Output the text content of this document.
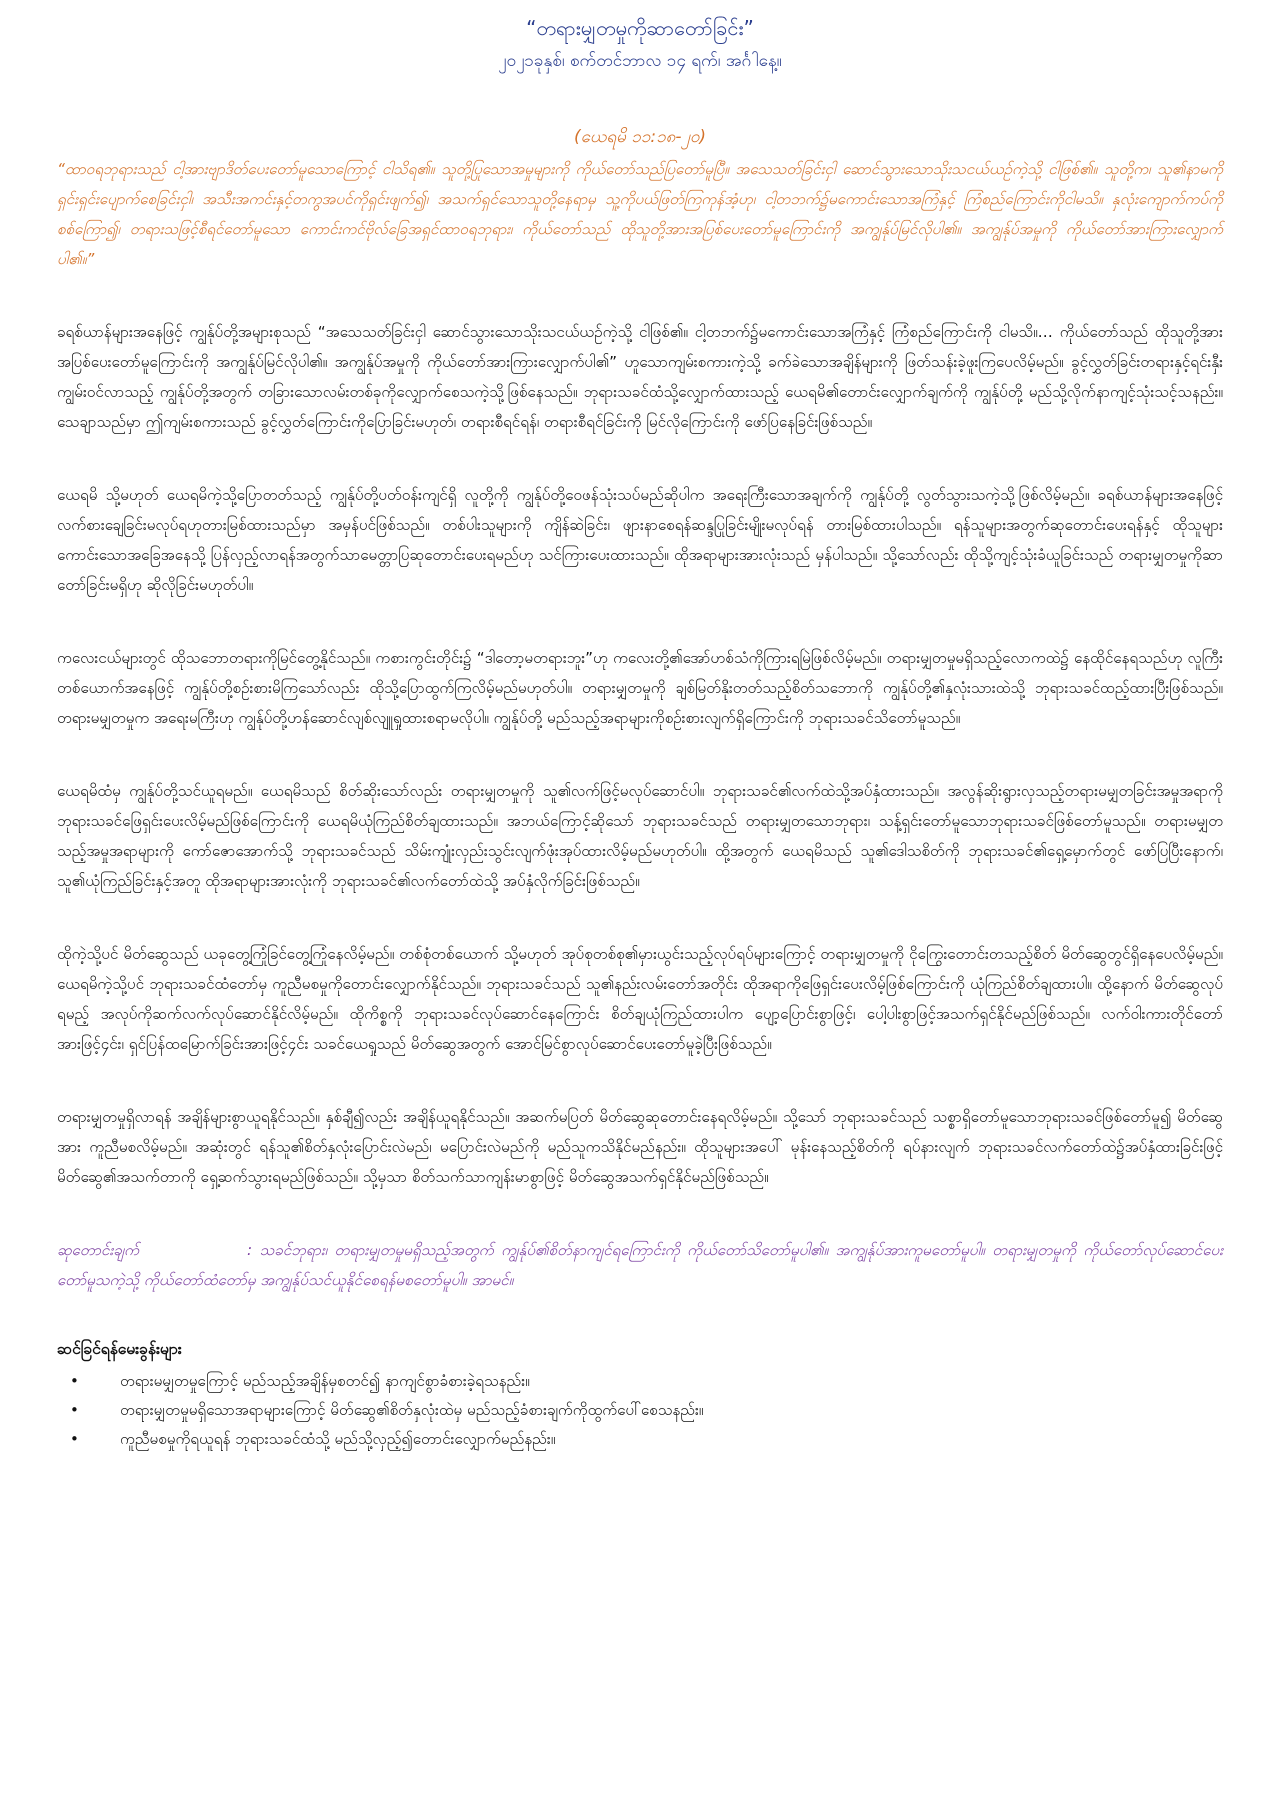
“တရားမျှတမှုကိုဆာတော်ခြင်း”
၂၀၂၁ခုနှစ်၊ စက်တင်ဘာလ ၁၄ ရက်၊ အင်္ဂါနေ့။
(ယေရမိ ၁၁:၁၈-၂၀)

“ထာဝရဘုရားသည် ငါ့အားဗျာဒိတ်ပေးတော်မူသောကြောင့် ငါသိရ၏။ သူတို့ပြုသောအမှုများကို ကိုယ်တော်သည်ပြတော်မူပြီ။ အသေသတ်ခြင်းငှါ ဆောင်သွားသောသိုးသငယ်ယဉ်ကဲ့သို့ ငါဖြစ်၏။ သူတို့က၊ သူ၏နာမကိုရှင်းရှင်းပျောက်စေခြင်းငှါ၊ အသီးအကင်းနှင့်တကွအပင်ကိုရှင်းဖျက်၍၊ အသက်ရှင်သောသူတို့နေရာမှ သူ့ကိုပယ်ဖြတ်ကြကုန်အံ့ဟု၊ ငါ့တဘက်၌မကောင်းသောအကြံနှင့် ကြံစည်ကြောင်းကိုငါမသိ။ နှလုံးကျောက်ကပ်ကိုစစ်ကြော၍၊ တရားသဖြင့်စီရင်တော်မူသော ကောင်းကင်ဗိုလ်ခြေအရှင်ထာဝရဘုရား၊ ကိုယ်တော်သည် ထိုသူတို့အားအပြစ်ပေးတော်မူကြောင်းကို အကျွန်ုပ်မြင်လိုပါ၏။ အကျွန်ုပ်အမှုကို ကိုယ်တော်အားကြားလျှောက်ပါ၏။”

ခရစ်ယာန်များအနေဖြင့် ကျွန်ုပ်တို့အများစုသည် “အသေသတ်ခြင်းငှါ ဆောင်သွားသောသိုးသငယ်ယဉ်ကဲ့သို့ ငါဖြစ်၏။ ငါ့တဘက်၌မကောင်းသောအကြံနှင့် ကြံစည်ကြောင်းကို ငါမသိ။… ကိုယ်တော်သည် ထိုသူတို့အားအပြစ်ပေးတော်မူကြောင်းကို အကျွန်ုပ်မြင်လိုပါ၏။ အကျွန်ုပ်အမှုကို ကိုယ်တော်အားကြားလျှောက်ပါ၏” ဟူသောကျမ်းစကားကဲ့သို့ ခက်ခဲသောအချိန်များကို ဖြတ်သန်းခဲ့ဖူးကြပေလိမ့်မည်။ ခွင့်လွှတ်ခြင်းတရားနှင့်ရင်းနှီးကျွမ်းဝင်လာသည့် ကျွန်ုပ်တို့အတွက် တခြားသောလမ်းတစ်ခုကိုလျှောက်စေသကဲ့သို့ဖြစ်နေသည်။ ဘုရားသခင်ထံသို့လျှောက်ထားသည့် ယေရမိ၏တောင်းလျှောက်ချက်ကို ကျွန်ုပ်တို့ မည်သို့လိုက်နာကျင့်သုံးသင့်သနည်း။ သေချာသည်မှာ ဤကျမ်းစကားသည် ခွင့်လွှတ်ကြောင်းကိုပြောခြင်းမဟုတ်၊ တရားစီရင်ရန်၊ တရားစီရင်ခြင်းကို မြင်လိုကြောင်းကို ဖော်ပြနေခြင်းဖြစ်သည်။

ယေရမိ သို့မဟုတ် ယေရမိကဲ့သို့ပြောတတ်သည့် ကျွန်ုပ်တို့ပတ်ဝန်းကျင်ရှိ လူတို့ကို ကျွန်ုပ်တို့ဝေဖန်သုံးသပ်မည်ဆိုပါက အရေးကြီးသောအချက်ကို ကျွန်ုပ်တို့ လွတ်သွားသကဲ့သို့ဖြစ်လိမ့်မည်။ ခရစ်ယာန်များအနေဖြင့် လက်စားချေခြင်းမလုပ်ရဟုတားမြစ်ထားသည်မှာ အမှန်ပင်ဖြစ်သည်။ တစ်ပါးသူများကို ကျိန်ဆဲခြင်း၊ ဖျားနာစေရန်ဆန္ဒပြုခြင်းမျိုးမလုပ်ရန် တားမြစ်ထားပါသည်။ ရန်သူများအတွက်ဆုတောင်းပေးရန်နှင့် ထိုသူများကောင်းသောအခြေအနေသို့ ပြန်လှည့်လာရန်အတွက်သာမေတ္တာပြဆုတောင်းပေးရမည်ဟု သင်ကြားပေးထားသည်။ ထိုအရာများအားလုံးသည် မှန်ပါသည်။ သို့သော်လည်း ထိုသို့ကျင့်သုံးခံယူခြင်းသည် တရားမျှတမှုကိုဆာတော်ခြင်းမရှိဟု ဆိုလိုခြင်းမဟုတ်ပါ။

ကလေးငယ်များတွင် ထိုသဘောတရားကိုမြင်တွေ့နိုင်သည်။ ကစားကွင်းတိုင်း၌ “ဒါတော့မတရားဘူး”ဟု ကလေးတို့၏အော်ဟစ်သံကိုကြားရမြဲဖြစ်လိမ့်မည်။ တရားမျှတမှုမရှိသည့်လောကထဲ၌ နေထိုင်နေရသည်ဟု လူကြီးတစ်ယောက်အနေဖြင့် ကျွန်ုပ်တို့စဉ်းစားမိကြသော်လည်း ထိုသို့ပြောထွက်ကြလိမ့်မည်မဟုတ်ပါ။ တရားမျှတမှုကို ချစ်မြတ်နိုးတတ်သည့်စိတ်သဘောကို ကျွန်ုပ်တို့၏နှလုံးသားထဲသို့ ဘုရားသခင်ထည့်ထားပြီးဖြစ်သည်။ တရားမမျှတမှုက အရေးမကြီးဟု ကျွန်ုပ်တို့ဟန်ဆောင်လျစ်လျူရှုထားစရာမလိုပါ။ ကျွန်ုပ်တို့ မည်သည့်အရာများကိုစဉ်းစားလျက်ရှိကြောင်းကို ဘုရားသခင်သိတော်မူသည်။

ယေရမိထံမှ ကျွန်ုပ်တို့သင်ယူရမည်။ ယေရမိသည် စိတ်ဆိုးသော်လည်း တရားမျှတမှုကို သူ၏လက်ဖြင့်မလုပ်ဆောင်ပါ။ ဘုရားသခင်၏လက်ထဲသို့အပ်နှံထားသည်။ အလွန်ဆိုးရွားလှသည့်တရားမမျှတခြင်းအမှုအရာကို ဘုရားသခင်ဖြေရှင်းပေးလိမ့်မည်ဖြစ်ကြောင်းကို ယေရမိယုံကြည်စိတ်ချထားသည်။ အဘယ်ကြောင့်ဆိုသော် ဘုရားသခင်သည် တရားမျှတသောဘုရား၊ သန့်ရှင်းတော်မူသောဘုရားသခင်ဖြစ်တော်မူသည်။ တရားမမျှတသည့်အမှုအရာများကို ကော်ဇောအောက်သို့ ဘုရားသခင်သည် သိမ်းကျုံးလှည်းသွင်းလျက်ဖုံးအုပ်ထားလိမ့်မည်မဟုတ်ပါ။ ထို့အတွက် ယေရမိသည် သူ၏ဒေါသစိတ်ကို ဘုရားသခင်၏ရှေ့မှောက်တွင် ဖော်ပြပြီးနောက်၊ သူ၏ယုံကြည်ခြင်းနှင့်အတူ ထိုအရာများအားလုံးကို ဘုရားသခင်၏လက်တော်ထဲသို့ အပ်နှံလိုက်ခြင်းဖြစ်သည်။

ထိုကဲ့သို့ပင် မိတ်ဆွေသည် ယခုတွေ့ကြုံခြင်တွေ့ကြုံနေလိမ့်မည်။ တစ်စုံတစ်ယောက် သို့မဟုတ် အုပ်စုတစ်စု၏မှားယွင်းသည့်လုပ်ရပ်များကြောင့် တရားမျှတမှုကို ငိုကြွေးတောင်းတသည့်စိတ် မိတ်ဆွေတွင်ရှိနေပေလိမ့်မည်။ ယေရမိကဲ့သို့ပင် ဘုရားသခင်ထံတော်မှ ကူညီမစမှုကိုတောင်းလျှောက်နိုင်သည်။ ဘုရားသခင်သည် သူ၏နည်းလမ်းတော်အတိုင်း ထိုအရာကိုဖြေရှင်းပေးလိမ့်ဖြစ်ကြောင်းကို ယုံကြည်စိတ်ချထားပါ။ ထို့နောက် မိတ်ဆွေလုပ်ရမည့် အလုပ်ကိုဆက်လက်လုပ်ဆောင်နိုင်လိမ့်မည်။ ထိုကိစ္စကို ဘုရားသခင်လုပ်ဆောင်နေကြောင်း စိတ်ချယုံကြည်ထားပါက ပျော့ပြောင်းစွာဖြင့်၊ ပေါ့ပါးစွာဖြင့်အသက်ရှင်နိုင်မည်ဖြစ်သည်။ လက်ဝါးကားတိုင်တော်အားဖြင့်၄င်း၊ ရှင်ပြန်ထမြောက်ခြင်းအားဖြင့်၄င်း သခင်ယေရှုသည် မိတ်ဆွေအတွက် အောင်မြင်စွာလုပ်ဆောင်ပေးတော်မူခဲ့ပြီးဖြစ်သည်။

တရားမျှတမှုရှိလာရန် အချိန်များစွာယူရနိုင်သည်။ နှစ်ချီ၍လည်း အချိန်ယူရနိုင်သည်။ အဆက်မပြတ် မိတ်ဆွေဆုတောင်းနေရလိမ့်မည်။ သို့သော် ဘုရားသခင်သည် သစ္စာရှိတော်မူသောဘုရားသခင်ဖြစ်တော်မူ၍ မိတ်ဆွေအား ကူညီမစလိမ့်မည်။ အဆုံးတွင် ရန်သူ၏စိတ်နှလုံးပြောင်းလဲမည်၊ မပြောင်းလဲမည်ကို မည်သူကသိနိုင်မည်နည်း။ ထိုသူများအပေါ် မုန်းနေသည့်စိတ်ကို ရပ်နားလျက် ဘုရားသခင်လက်တော်ထဲ၌အပ်နှံထားခြင်းဖြင့် မိတ်ဆွေ၏အသက်တာကို ရှေ့ဆက်သွားရမည်ဖြစ်သည်။ သို့မှသာ စိတ်သက်သာကျန်းမာစွာဖြင့် မိတ်ဆွေအသက်ရှင်နိုင်မည်ဖြစ်သည်။

ဆုတောင်းချက်	: သခင်ဘုရား၊ တရားမျှတမှုမရှိသည့်အတွက် ကျွန်ုပ်၏စိတ်နာကျင်ရကြောင်းကို ကိုယ်တော်သိတော်မူပါ၏။ အကျွန်ုပ်အားကူမတော်မူပါ။ တရားမျှတမှုကို ကိုယ်တော်လုပ်ဆောင်ပေးတော်မူသကဲ့သို့ ကိုယ်တော်ထံတော်မှ အကျွန်ုပ်သင်ယူနိုင်စေရန်မစတော်မူပါ။ အာမင်။

ဆင်ခြင်ရန်မေးခွန်းများ
•	တရားမမျှတမှုကြောင့် မည်သည့်အချိန်မှစတင်၍ နာကျင်စွာခံစားခဲ့ရသနည်း။
•	တရားမျှတမှုမရှိသောအရာများကြောင့် မိတ်ဆွေ၏စိတ်နှလုံးထဲမှ မည်သည့်ခံစားချက်ကိုထွက်ပေါ်စေသနည်း။
•	ကူညီမစမှုကိုရယူရန် ဘုရားသခင်ထံသို့ မည်သို့လှည့်၍တောင်းလျှောက်မည်နည်း။
